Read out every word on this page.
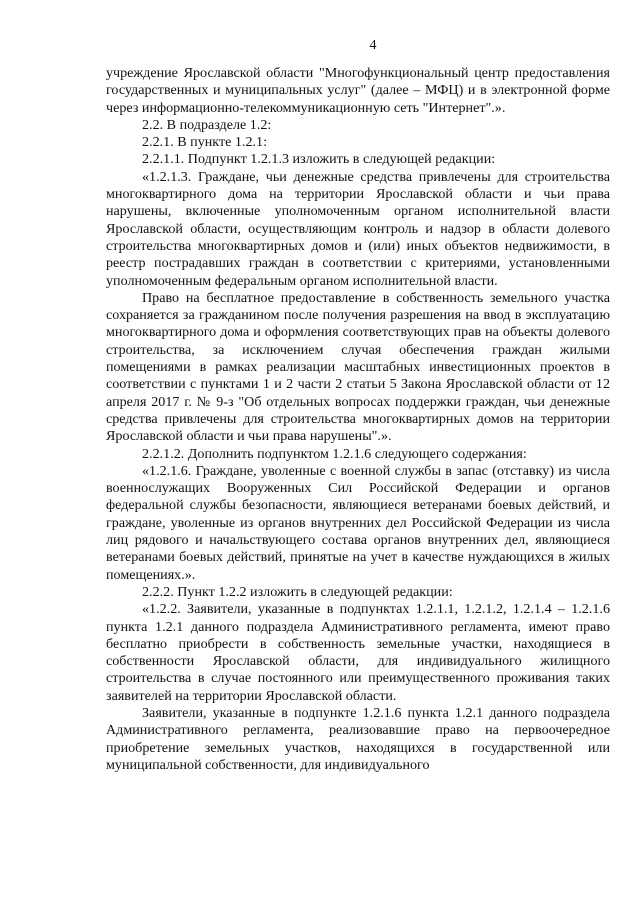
4

учреждение Ярославской области "Многофункциональный центр предоставления государственных и муниципальных услуг" (далее – МФЦ) и в электронной форме через информационно-телекоммуникационную сеть "Интернет".».

2.2. В подразделе 1.2:

2.2.1. В пункте 1.2.1:

2.2.1.1. Подпункт 1.2.1.3 изложить в следующей редакции:

«1.2.1.3. Граждане, чьи денежные средства привлечены для строительства многоквартирного дома на территории Ярославской области и чьи права нарушены, включенные уполномоченным органом исполнительной власти Ярославской области, осуществляющим контроль и надзор в области долевого строительства многоквартирных домов и (или) иных объектов недвижимости, в реестр пострадавших граждан в соответствии с критериями, установленными уполномоченным федеральным органом исполнительной власти.

Право на бесплатное предоставление в собственность земельного участка сохраняется за гражданином после получения разрешения на ввод в эксплуатацию многоквартирного дома и оформления соответствующих прав на объекты долевого строительства, за исключением случая обеспечения граждан жилыми помещениями в рамках реализации масштабных инвестиционных проектов в соответствии с пунктами 1 и 2 части 2 статьи 5 Закона Ярославской области от 12 апреля 2017 г. № 9-з "Об отдельных вопросах поддержки граждан, чьи денежные средства привлечены для строительства многоквартирных домов на территории Ярославской области и чьи права нарушены".».

2.2.1.2. Дополнить подпунктом 1.2.1.6 следующего содержания:

«1.2.1.6. Граждане, уволенные с военной службы в запас (отставку) из числа военнослужащих Вооруженных Сил Российской Федерации и органов федеральной службы безопасности, являющиеся ветеранами боевых действий, и граждане, уволенные из органов внутренних дел Российской Федерации из числа лиц рядового и начальствующего состава органов внутренних дел, являющиеся ветеранами боевых действий, принятые на учет в качестве нуждающихся в жилых помещениях.».

2.2.2. Пункт 1.2.2 изложить в следующей редакции:

«1.2.2. Заявители, указанные в подпунктах 1.2.1.1, 1.2.1.2, 1.2.1.4 – 1.2.1.6 пункта 1.2.1 данного подраздела Административного регламента, имеют право бесплатно приобрести в собственность земельные участки, находящиеся в собственности Ярославской области, для индивидуального жилищного строительства в случае постоянного или преимущественного проживания таких заявителей на территории Ярославской области.

Заявители, указанные в подпункте 1.2.1.6 пункта 1.2.1 данного подраздела Административного регламента, реализовавшие право на первоочередное приобретение земельных участков, находящихся в государственной или муниципальной собственности, для индивидуального
